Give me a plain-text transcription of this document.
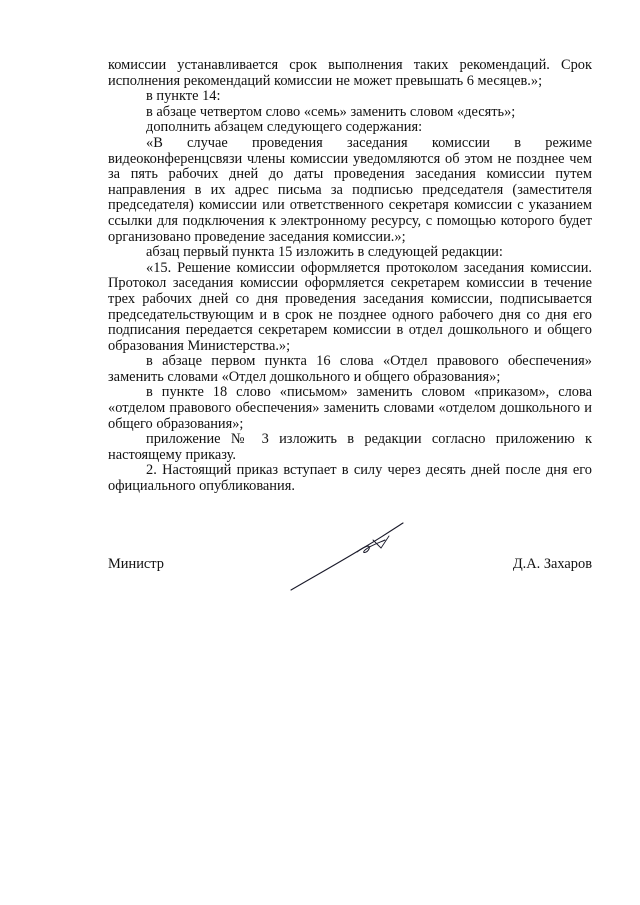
комиссии устанавливается срок выполнения таких рекомендаций. Срок исполнения рекомендаций комиссии не может превышать 6 месяцев.»;

в пункте 14:

в абзаце четвертом слово «семь» заменить словом «десять»;

дополнить абзацем следующего содержания:

«В случае проведения заседания комиссии в режиме видеоконференцсвязи члены комиссии уведомляются об этом не позднее чем за пять рабочих дней до даты проведения заседания комиссии путем направления в их адрес письма за подписью председателя (заместителя председателя) комиссии или ответственного секретаря комиссии с указанием ссылки для подключения к электронному ресурсу, с помощью которого будет организовано проведение заседания комиссии.»;

абзац первый пункта 15 изложить в следующей редакции:

«15. Решение комиссии оформляется протоколом заседания комиссии. Протокол заседания комиссии оформляется секретарем комиссии в течение трех рабочих дней со дня проведения заседания комиссии, подписывается председательствующим и в срок не позднее одного рабочего дня со дня его подписания передается секретарем комиссии в отдел дошкольного и общего образования Министерства.»;

в абзаце первом пункта 16 слова «Отдел правового обеспечения» заменить словами «Отдел дошкольного и общего образования»;

в пункте 18 слово «письмом» заменить словом «приказом», слова «отделом правового обеспечения» заменить словами «отделом дошкольного и общего образования»;

приложение № 3 изложить в редакции согласно приложению к настоящему приказу.

2. Настоящий приказ вступает в силу через десять дней после дня его официального опубликования.

Министр	Д.А. Захаров
